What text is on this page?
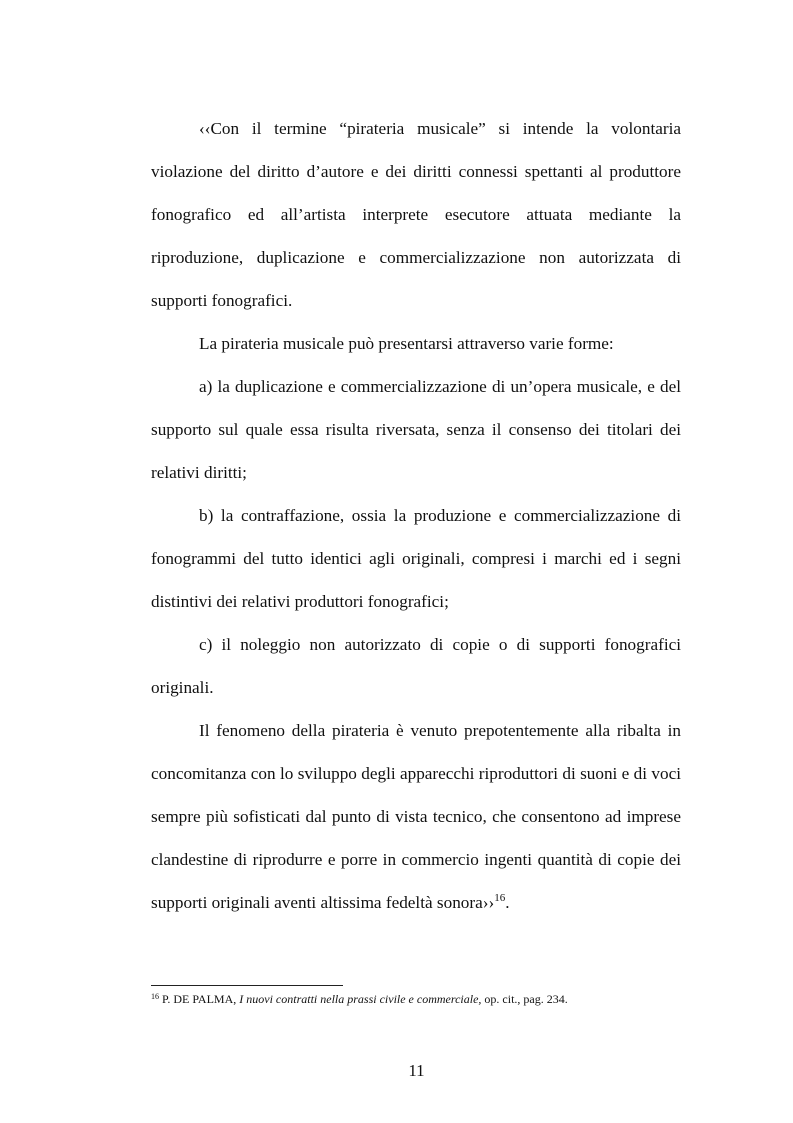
‹‹Con il termine “pirateria musicale” si intende la volontaria violazione del diritto d’autore e dei diritti connessi spettanti al produttore fonografico ed all’artista interprete esecutore attuata mediante la riproduzione, duplicazione e commercializzazione non autorizzata di supporti fonografici.

La pirateria musicale può presentarsi attraverso varie forme:

a) la duplicazione e commercializzazione di un’opera musicale, e del supporto sul quale essa risulta riversata, senza il consenso dei titolari dei relativi diritti;

b) la contraffazione, ossia la produzione e commercializzazione di fonogrammi del tutto identici agli originali, compresi i marchi ed i segni distintivi dei relativi produttori fonografici;

c) il noleggio non autorizzato di copie o di supporti fonografici originali.

Il fenomeno della pirateria è venuto prepotentemente alla ribalta in concomitanza con lo sviluppo degli apparecchi riproduttori di suoni e di voci sempre più sofisticati dal punto di vista tecnico, che consentono ad imprese clandestine di riprodurre e porre in commercio ingenti quantità di copie dei supporti originali aventi altissima fedeltà sonora››$^{16}$.

$^{16}$ P. DE PALMA, I nuovi contratti nella prassi civile e commerciale, op. cit., pag. 234.
11
